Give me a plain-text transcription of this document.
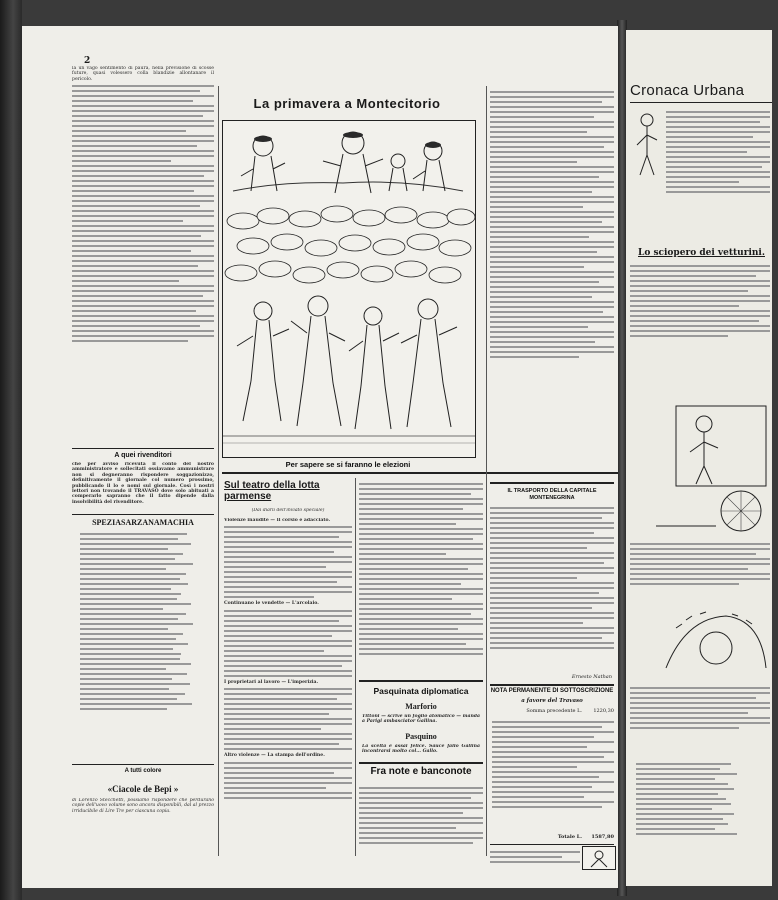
2
la un vago sentimento di paura, nella previsione di scosse future, quasi volessero colla blandizie allontanare il pericolo.
A quei rivenditori
che per avvisò ricevuta il conto del nostro amministratore e sollecitati ossiavamo ammunistrare non si degneranno rispondere soggazionizzo, definitivamente il giornale col numero prossimo, pubblicando il lo e nomi sul giornale. Così i nostri lettori non trovando il TRAVASO dove solo abituati a comperarlo sapranno che il fatto dipende dalla insolvibilità del rivenditore.
SPEZIASARZANAMACHIA
A tutti colore
«Ciacole de Bepi »
di Lorenzo Stecchetti, possiamo rispondere che perdurano copie dell'uovo volume sono ancora disponibili, dal al prezzo irriducibile di Lire Tre per ciascuna copia.
La primavera a Montecitorio
Per sapere se si faranno le elezioni
Sul teatro della lotta parmense
(Dai diarii dell'inviato speciale)
Violenze inaudite — Il corsio è adacciato.
Continuano le vendette — L'arcolaio.
I proprietari al lavoro — L'imperizia.
Altro violenze — La stampa dell'ordine.
Pasquinata diplomatica
Marforio
Tittoni — scrive un foglio atomatico — manda a Parigi ambasciator Gallina.
Pasquino
La scelta è assai felice. Sauce fallo Gallina incontrarsi molto col... Gallo.
Fra note e banconote
IL TRASPORTO DELLA CAPITALE MONTENEGRINA
Ernesto Nathan
NOTA PERMANENTE DI SOTTOSCRIZIONE
a favore del Travaso
Somma precedente L.	1220,30
Totale L.	1587,80
Cronaca Urbana
Lo sciopero dei vetturini.
